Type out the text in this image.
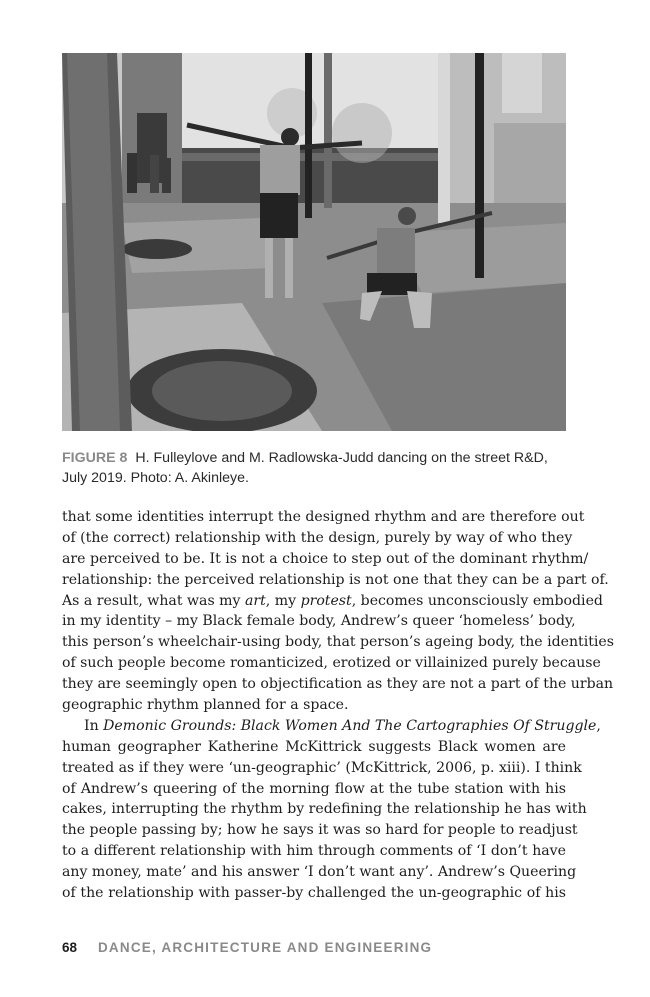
FIGURE 8 H. Fulleylove and M. Radlowska-Judd dancing on the street R&D,
July 2019. Photo: A. Akinleye.
that some identities interrupt the designed rhythm and are therefore out
of (the correct) relationship with the design, purely by way of who they
are perceived to be. It is not a choice to step out of the dominant rhythm/
relationship: the perceived relationship is not one that they can be a part of.
As a result, what was my art, my protest, becomes unconsciously embodied
in my identity – my Black female body, Andrew’s queer ‘homeless’ body,
this person’s wheelchair-using body, that person’s ageing body, the identities
of such people become romanticized, erotized or villainized purely because
they are seemingly open to objectification as they are not a part of the urban
geographic rhythm planned for a space.
In Demonic Grounds: Black Women And The Cartographies Of Struggle,
human geographer Katherine McKittrick suggests Black women are
treated as if they were ‘un-geographic’ (McKittrick, 2006, p. xiii). I think
of Andrew’s queering of the morning flow at the tube station with his
cakes, interrupting the rhythm by redefining the relationship he has with
the people passing by; how he says it was so hard for people to readjust
to a different relationship with him through comments of ‘I don’t have
any money, mate’ and his answer ‘I don’t want any’. Andrew’s Queering
of the relationship with passer-by challenged the un-geographic of his
68 DANCE, ARCHITECTURE AND ENGINEERING
